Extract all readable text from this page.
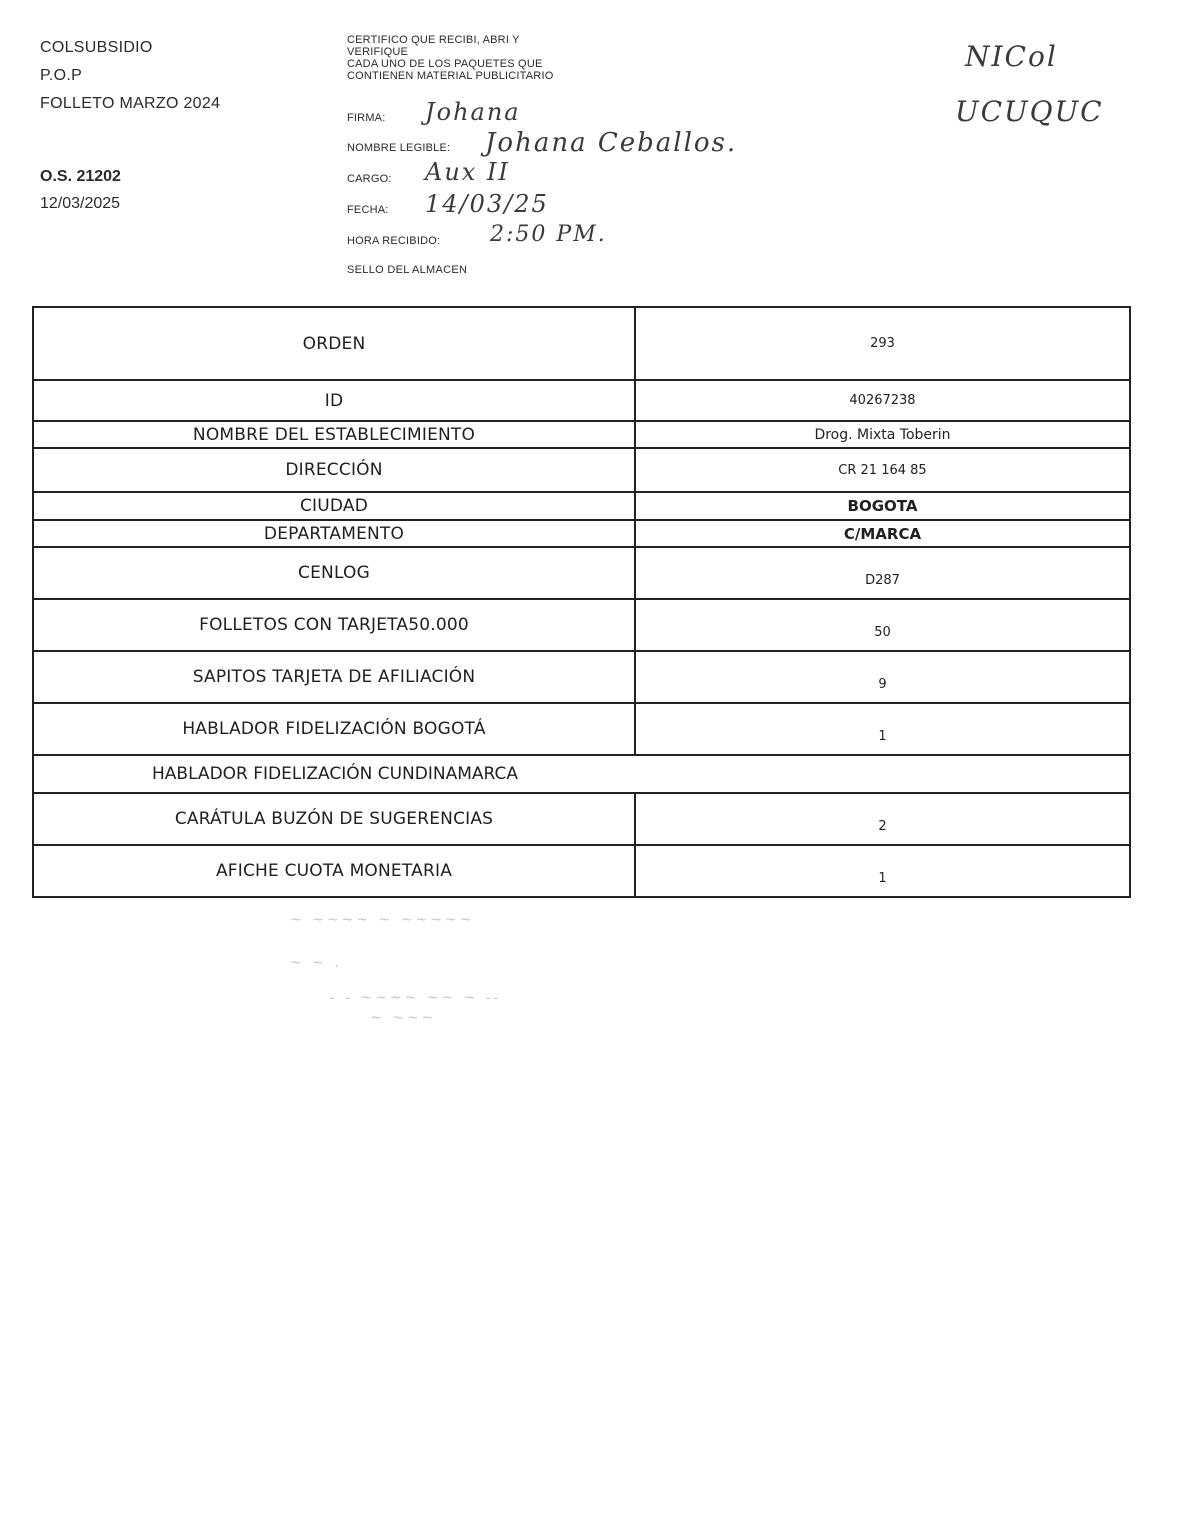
COLSUBSIDIO
P.O.P
FOLLETO MARZO 2024
O.S. 21202
12/03/2025
CERTIFICO QUE RECIBI, ABRI Y
VERIFIQUE
CADA UNO DE LOS PAQUETES QUE
CONTIENEN MATERIAL PUBLICITARIO
FIRMA: Johana
NOMBRE LEGIBLE: Johana Ceballos.
CARGO: Aux II
FECHA: 14/03/25
HORA RECIBIDO: 2:50 PM.
SELLO DEL ALMACEN
NICol
UCUQUC
ORDEN	293
ID	40267238
NOMBRE DEL ESTABLECIMIENTO	Drog. Mixta Toberin
DIRECCIÓN	CR 21 164 85
CIUDAD	BOGOTA
DEPARTAMENTO	C/MARCA
CENLOG	D287
FOLLETOS CON TARJETA50.000	50
SAPITOS TARJETA DE AFILIACIÓN	9
HABLADOR FIDELIZACIÓN BOGOTÁ	1
HABLADOR FIDELIZACIÓN CUNDINAMARCA	
CARÁTULA BUZÓN DE SUGERENCIAS	2
AFICHE CUOTA MONETARIA	1
~ ~~~~ ~ ~~~~~
~ ~ .
- - ~~~~ ~~ ~ --
~ ~~~
